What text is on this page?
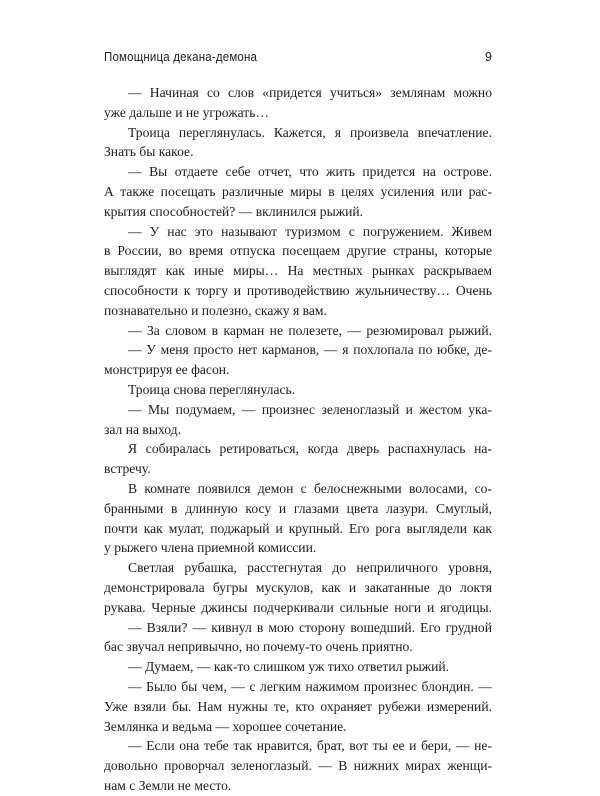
Помощница декана-демона	9
— Начиная со слов «придется учиться» землянам можно
уже дальше и не угрожать…
Троица переглянулась. Кажется, я произвела впечатление.
Знать бы какое.
— Вы отдаете себе отчет, что жить придется на острове.
А также посещать различные миры в целях усиления или рас-
крытия способностей? — вклинился рыжий.
— У нас это называют туризмом с погружением. Живем
в России, во время отпуска посещаем другие страны, которые
выглядят как иные миры… На местных рынках раскрываем
способности к торгу и противодействию жульничеству… Очень
познавательно и полезно, скажу я вам.
— За словом в карман не полезете, — резюмировал рыжий.
— У меня просто нет карманов, — я похлопала по юбке, де-
монстрируя ее фасон.
Троица снова переглянулась.
— Мы подумаем, — произнес зеленоглазый и жестом ука-
зал на выход.
Я собиралась ретироваться, когда дверь распахнулась на-
встречу.
В комнате появился демон с белоснежными волосами, со-
бранными в длинную косу и глазами цвета лазури. Смуглый,
почти как мулат, поджарый и крупный. Его рога выглядели как
у рыжего члена приемной комиссии.
Светлая рубашка, расстегнутая до неприличного уровня,
демонстрировала бугры мускулов, как и закатанные до локтя
рукава. Черные джинсы подчеркивали сильные ноги и ягодицы.
— Взяли? — кивнул в мою сторону вошедший. Его грудной
бас звучал непривычно, но почему-то очень приятно.
— Думаем, — как-то слишком уж тихо ответил рыжий.
— Было бы чем, — с легким нажимом произнес блондин. —
Уже взяли бы. Нам нужны те, кто охраняет рубежи измерений.
Землянка и ведьма — хорошее сочетание.
— Если она тебе так нравится, брат, вот ты ее и бери, — не-
довольно проворчал зеленоглазый. — В нижних мирах женщи-
нам с Земли не место.
